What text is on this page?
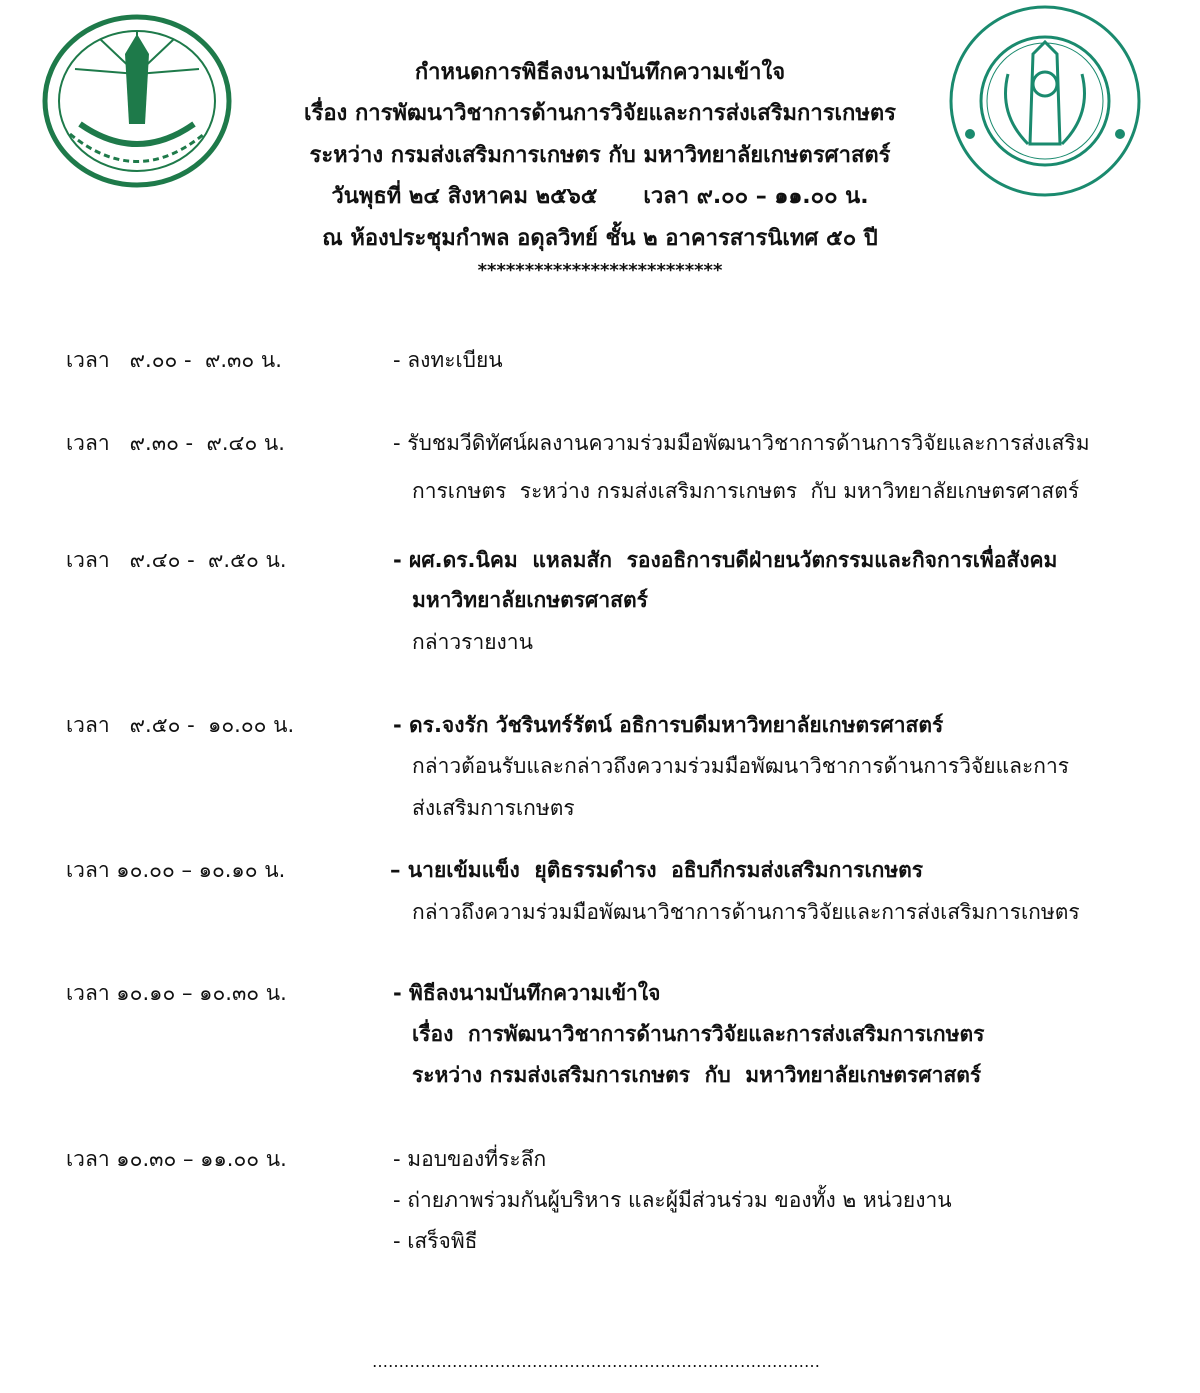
กำหนดการพิธีลงนามบันทึกความเข้าใจ
เรื่อง การพัฒนาวิชาการด้านการวิจัยและการส่งเสริมการเกษตร
ระหว่าง กรมส่งเสริมการเกษตร กับ มหาวิทยาลัยเกษตรศาสตร์
วันพุธที่ ๒๔ สิงหาคม ๒๕๖๕      เวลา ๙.๐๐ – ๑๑.๐๐ น.
ณ ห้องประชุมกำพล อดุลวิทย์ ชั้น ๒ อาคารสารนิเทศ ๕๐ ปี
**************************
เวลา   ๙.๐๐ -  ๙.๓๐ น.	- ลงทะเบียน
เวลา   ๙.๓๐ -  ๙.๔๐ น.	- รับชมวีดิทัศน์ผลงานความร่วมมือพัฒนาวิชาการด้านการวิจัยและการส่งเสริม
การเกษตร  ระหว่าง กรมส่งเสริมการเกษตร  กับ มหาวิทยาลัยเกษตรศาสตร์
เวลา   ๙.๔๐ -  ๙.๕๐ น.	- ผศ.ดร.นิคม  แหลมสัก  รองอธิการบดีฝ่ายนวัตกรรมและกิจการเพื่อสังคม
มหาวิทยาลัยเกษตรศาสตร์
กล่าวรายงาน
เวลา   ๙.๕๐ -  ๑๐.๐๐ น.	- ดร.จงรัก วัชรินทร์รัตน์ อธิการบดีมหาวิทยาลัยเกษตรศาสตร์
กล่าวต้อนรับและกล่าวถึงความร่วมมือพัฒนาวิชาการด้านการวิจัยและการ
ส่งเสริมการเกษตร
เวลา ๑๐.๐๐ – ๑๐.๑๐ น.	– นายเข้มแข็ง  ยุติธรรมดำรง  อธิบกีกรมส่งเสริมการเกษตร
กล่าวถึงความร่วมมือพัฒนาวิชาการด้านการวิจัยและการส่งเสริมการเกษตร
เวลา ๑๐.๑๐ – ๑๐.๓๐ น.	- พิธีลงนามบันทึกความเข้าใจ
เรื่อง  การพัฒนาวิชาการด้านการวิจัยและการส่งเสริมการเกษตร
ระหว่าง กรมส่งเสริมการเกษตร  กับ  มหาวิทยาลัยเกษตรศาสตร์
เวลา ๑๐.๓๐ – ๑๑.๐๐ น.	- มอบของที่ระลึก
- ถ่ายภาพร่วมกันผู้บริหาร และผู้มีส่วนร่วม ของทั้ง ๒ หน่วยงาน
- เสร็จพิธี
…………………………………………………………………………
